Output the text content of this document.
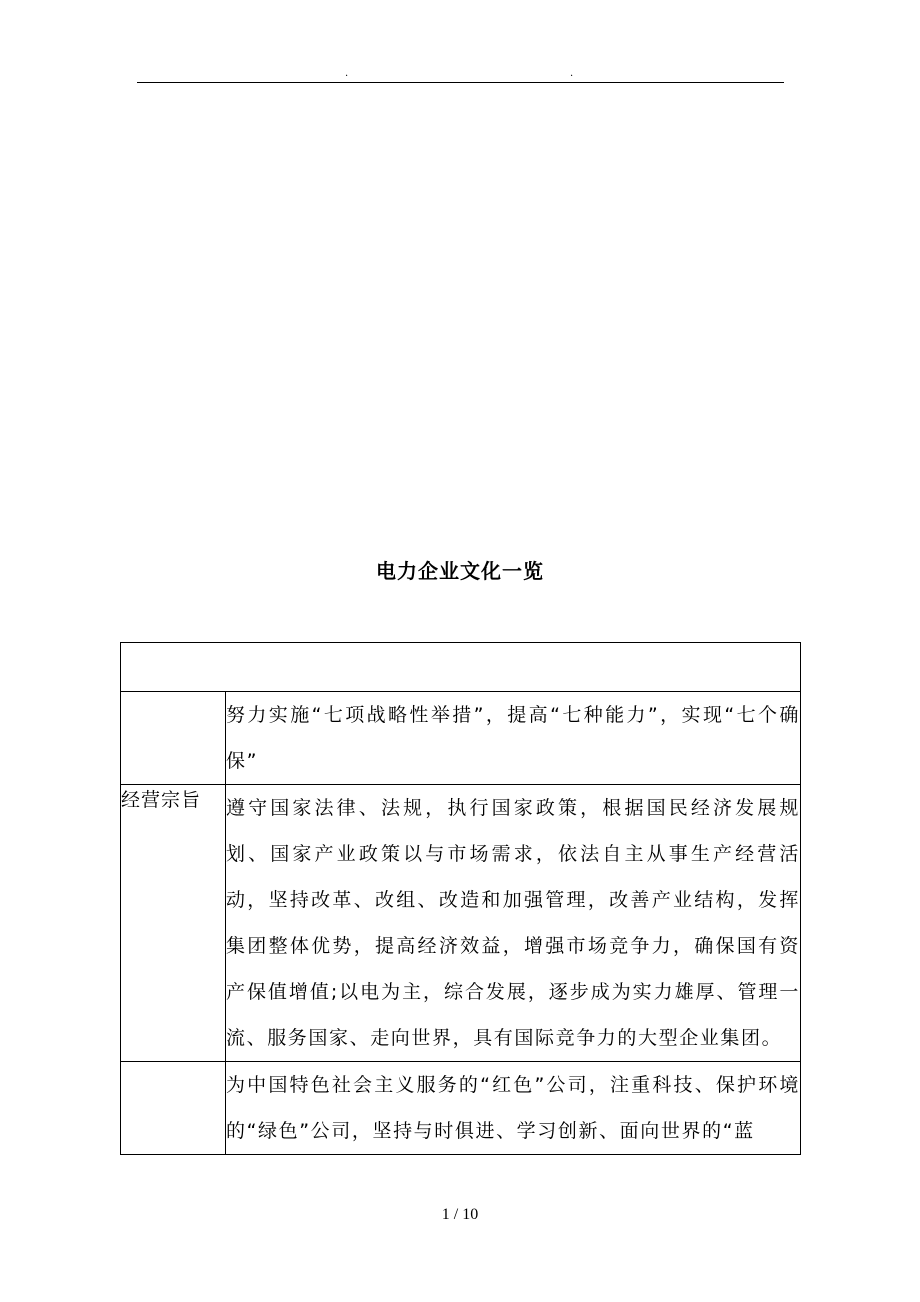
.	.
电力企业文化一览

	努力实施“七项战略性举措”，提高“七种能力”，实现“七个确保”
经营宗旨	遵守国家法律、法规，执行国家政策，根据国民经济发展规划、国家产业政策以与市场需求，依法自主从事生产经营活动，坚持改革、改组、改造和加强管理，改善产业结构，发挥集团整体优势，提高经济效益，增强市场竞争力，确保国有资产保值增值;以电为主，综合发展，逐步成为实力雄厚、管理一流、服务国家、走向世界，具有国际竞争力的大型企业集团。
	为中国特色社会主义服务的“红色”公司，注重科技、保护环境的“绿色”公司，坚持与时俱进、学习创新、面向世界的“蓝
1 / 10
